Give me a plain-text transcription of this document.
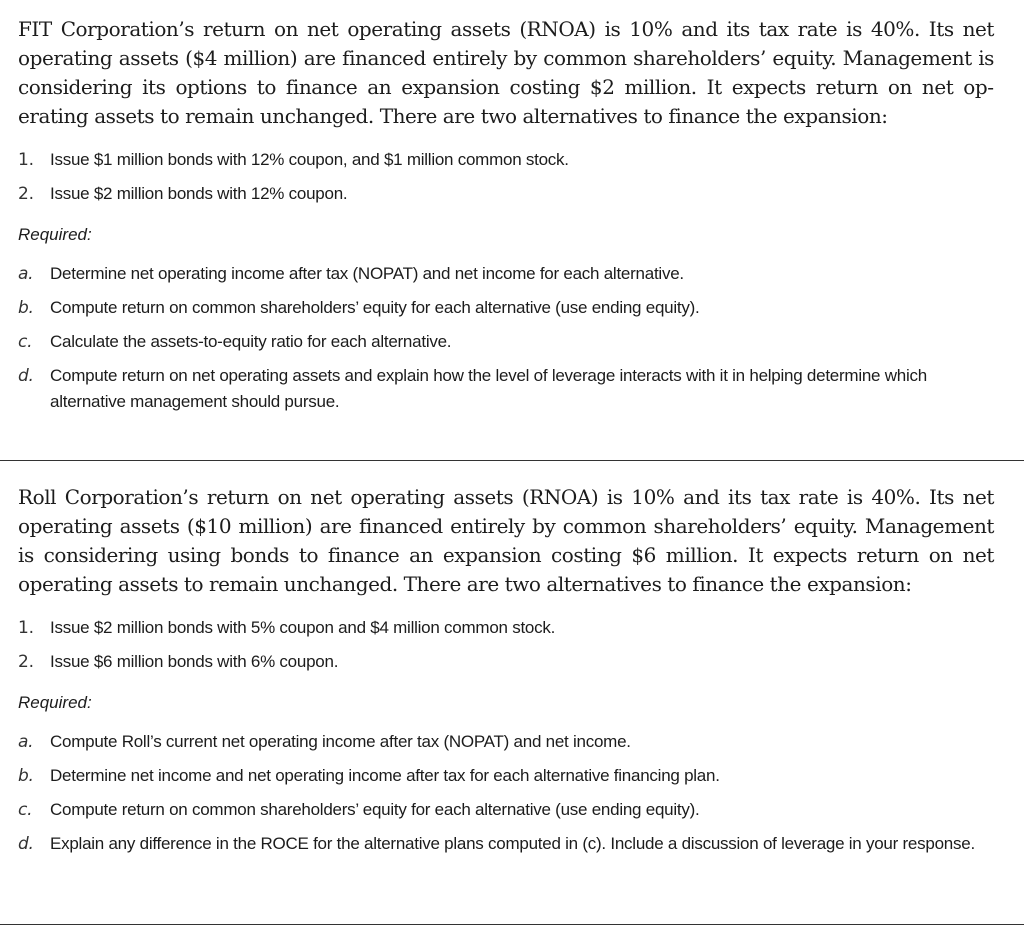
FIT Corporation’s return on net operating assets (RNOA) is 10% and its tax rate is 40%. Its net operating assets ($4 million) are financed entirely by common shareholders’ equity. Management is considering its options to finance an expansion costing $2 million. It expects return on net operating assets to remain unchanged. There are two alternatives to finance the expansion:

1. Issue $1 million bonds with 12% coupon, and $1 million common stock.
2. Issue $2 million bonds with 12% coupon.
Required:
a. Determine net operating income after tax (NOPAT) and net income for each alternative.
b. Compute return on common shareholders’ equity for each alternative (use ending equity).
c. Calculate the assets-to-equity ratio for each alternative.
d. Compute return on net operating assets and explain how the level of leverage interacts with it in helping determine which alternative management should pursue.

Roll Corporation’s return on net operating assets (RNOA) is 10% and its tax rate is 40%. Its net operating assets ($10 million) are financed entirely by common shareholders’ equity. Management is considering using bonds to finance an expansion costing $6 million. It expects return on net operating assets to remain unchanged. There are two alternatives to finance the expansion:

1. Issue $2 million bonds with 5% coupon and $4 million common stock.
2. Issue $6 million bonds with 6% coupon.
Required:
a. Compute Roll’s current net operating income after tax (NOPAT) and net income.
b. Determine net income and net operating income after tax for each alternative financing plan.
c. Compute return on common shareholders’ equity for each alternative (use ending equity).
d. Explain any difference in the ROCE for the alternative plans computed in (c). Include a discussion of leverage in your response.
